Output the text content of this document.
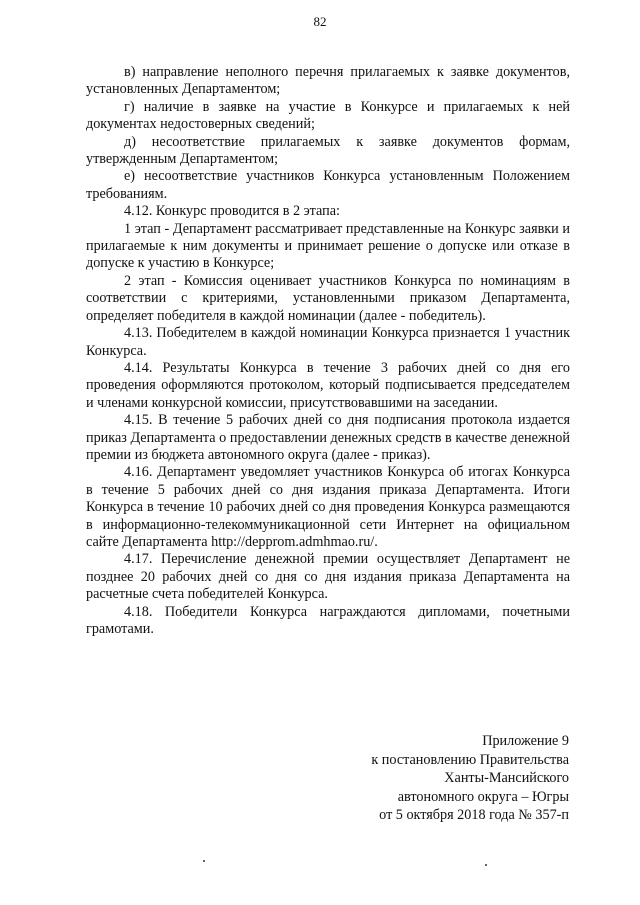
82

в) направление неполного перечня прилагаемых к заявке документов, установленных Департаментом;

г) наличие в заявке на участие в Конкурсе и прилагаемых к ней документах недостоверных сведений;

д) несоответствие прилагаемых к заявке документов формам, утвержденным Департаментом;

е) несоответствие участников Конкурса установленным Положением требованиям.

4.12. Конкурс проводится в 2 этапа:

1 этап - Департамент рассматривает представленные на Конкурс заявки и прилагаемые к ним документы и принимает решение о допуске или отказе в допуске к участию в Конкурсе;

2 этап - Комиссия оценивает участников Конкурса по номинациям в соответствии с критериями, установленными приказом Департамента, определяет победителя в каждой номинации (далее - победитель).

4.13. Победителем в каждой номинации Конкурса признается 1 участник Конкурса.

4.14. Результаты Конкурса в течение 3 рабочих дней со дня его проведения оформляются протоколом, который подписывается председателем и членами конкурсной комиссии, присутствовавшими на заседании.

4.15. В течение 5 рабочих дней со дня подписания протокола издается приказ Департамента о предоставлении денежных средств в качестве денежной премии из бюджета автономного округа (далее - приказ).

4.16. Департамент уведомляет участников Конкурса об итогах Конкурса в течение 5 рабочих дней со дня издания приказа Департамента. Итоги Конкурса в течение 10 рабочих дней со дня проведения Конкурса размещаются в информационно-телекоммуникационной сети Интернет на официальном сайте Департамента http://depprom.admhmao.ru/.

4.17. Перечисление денежной премии осуществляет Департамент не позднее 20 рабочих дней со дня со дня издания приказа Департамента на расчетные счета победителей Конкурса.

4.18. Победители Конкурса награждаются дипломами, почетными грамотами.

Приложение 9
к постановлению Правительства
Ханты-Мансийского
автономного округа – Югры
от 5 октября 2018 года № 357-п
